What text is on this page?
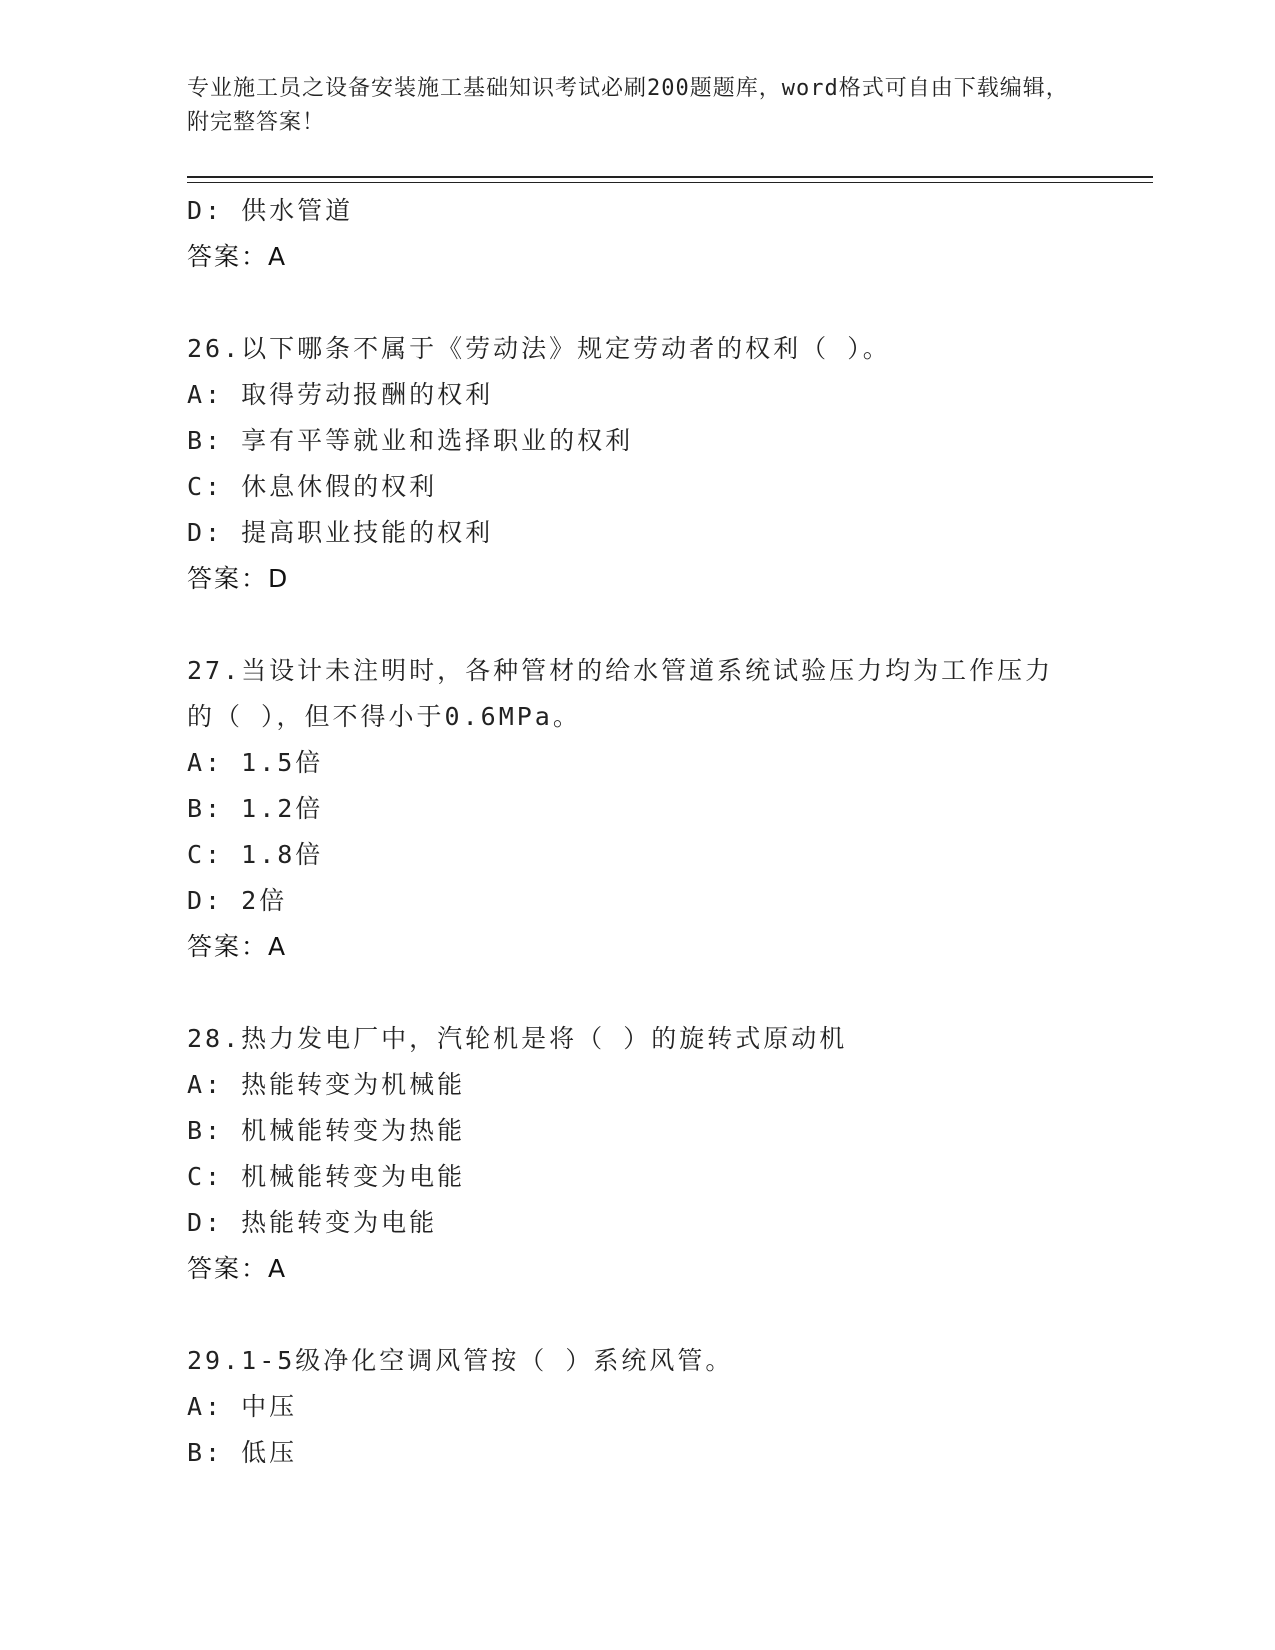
专业施工员之设备安装施工基础知识考试必刷200题题库，word格式可自由下载编辑，附完整答案！
D: 供水管道
答案：A
26.以下哪条不属于《劳动法》规定劳动者的权利（ ）。
A: 取得劳动报酬的权利
B: 享有平等就业和选择职业的权利
C: 休息休假的权利
D: 提高职业技能的权利
答案：D
27.当设计未注明时，各种管材的给水管道系统试验压力均为工作压力
的（ ），但不得小于0.6MPa。
A: 1.5倍
B: 1.2倍
C: 1.8倍
D: 2倍
答案：A
28.热力发电厂中，汽轮机是将（ ）的旋转式原动机
A: 热能转变为机械能
B: 机械能转变为热能
C: 机械能转变为电能
D: 热能转变为电能
答案：A
29.1-5级净化空调风管按（ ）系统风管。
A: 中压
B: 低压
